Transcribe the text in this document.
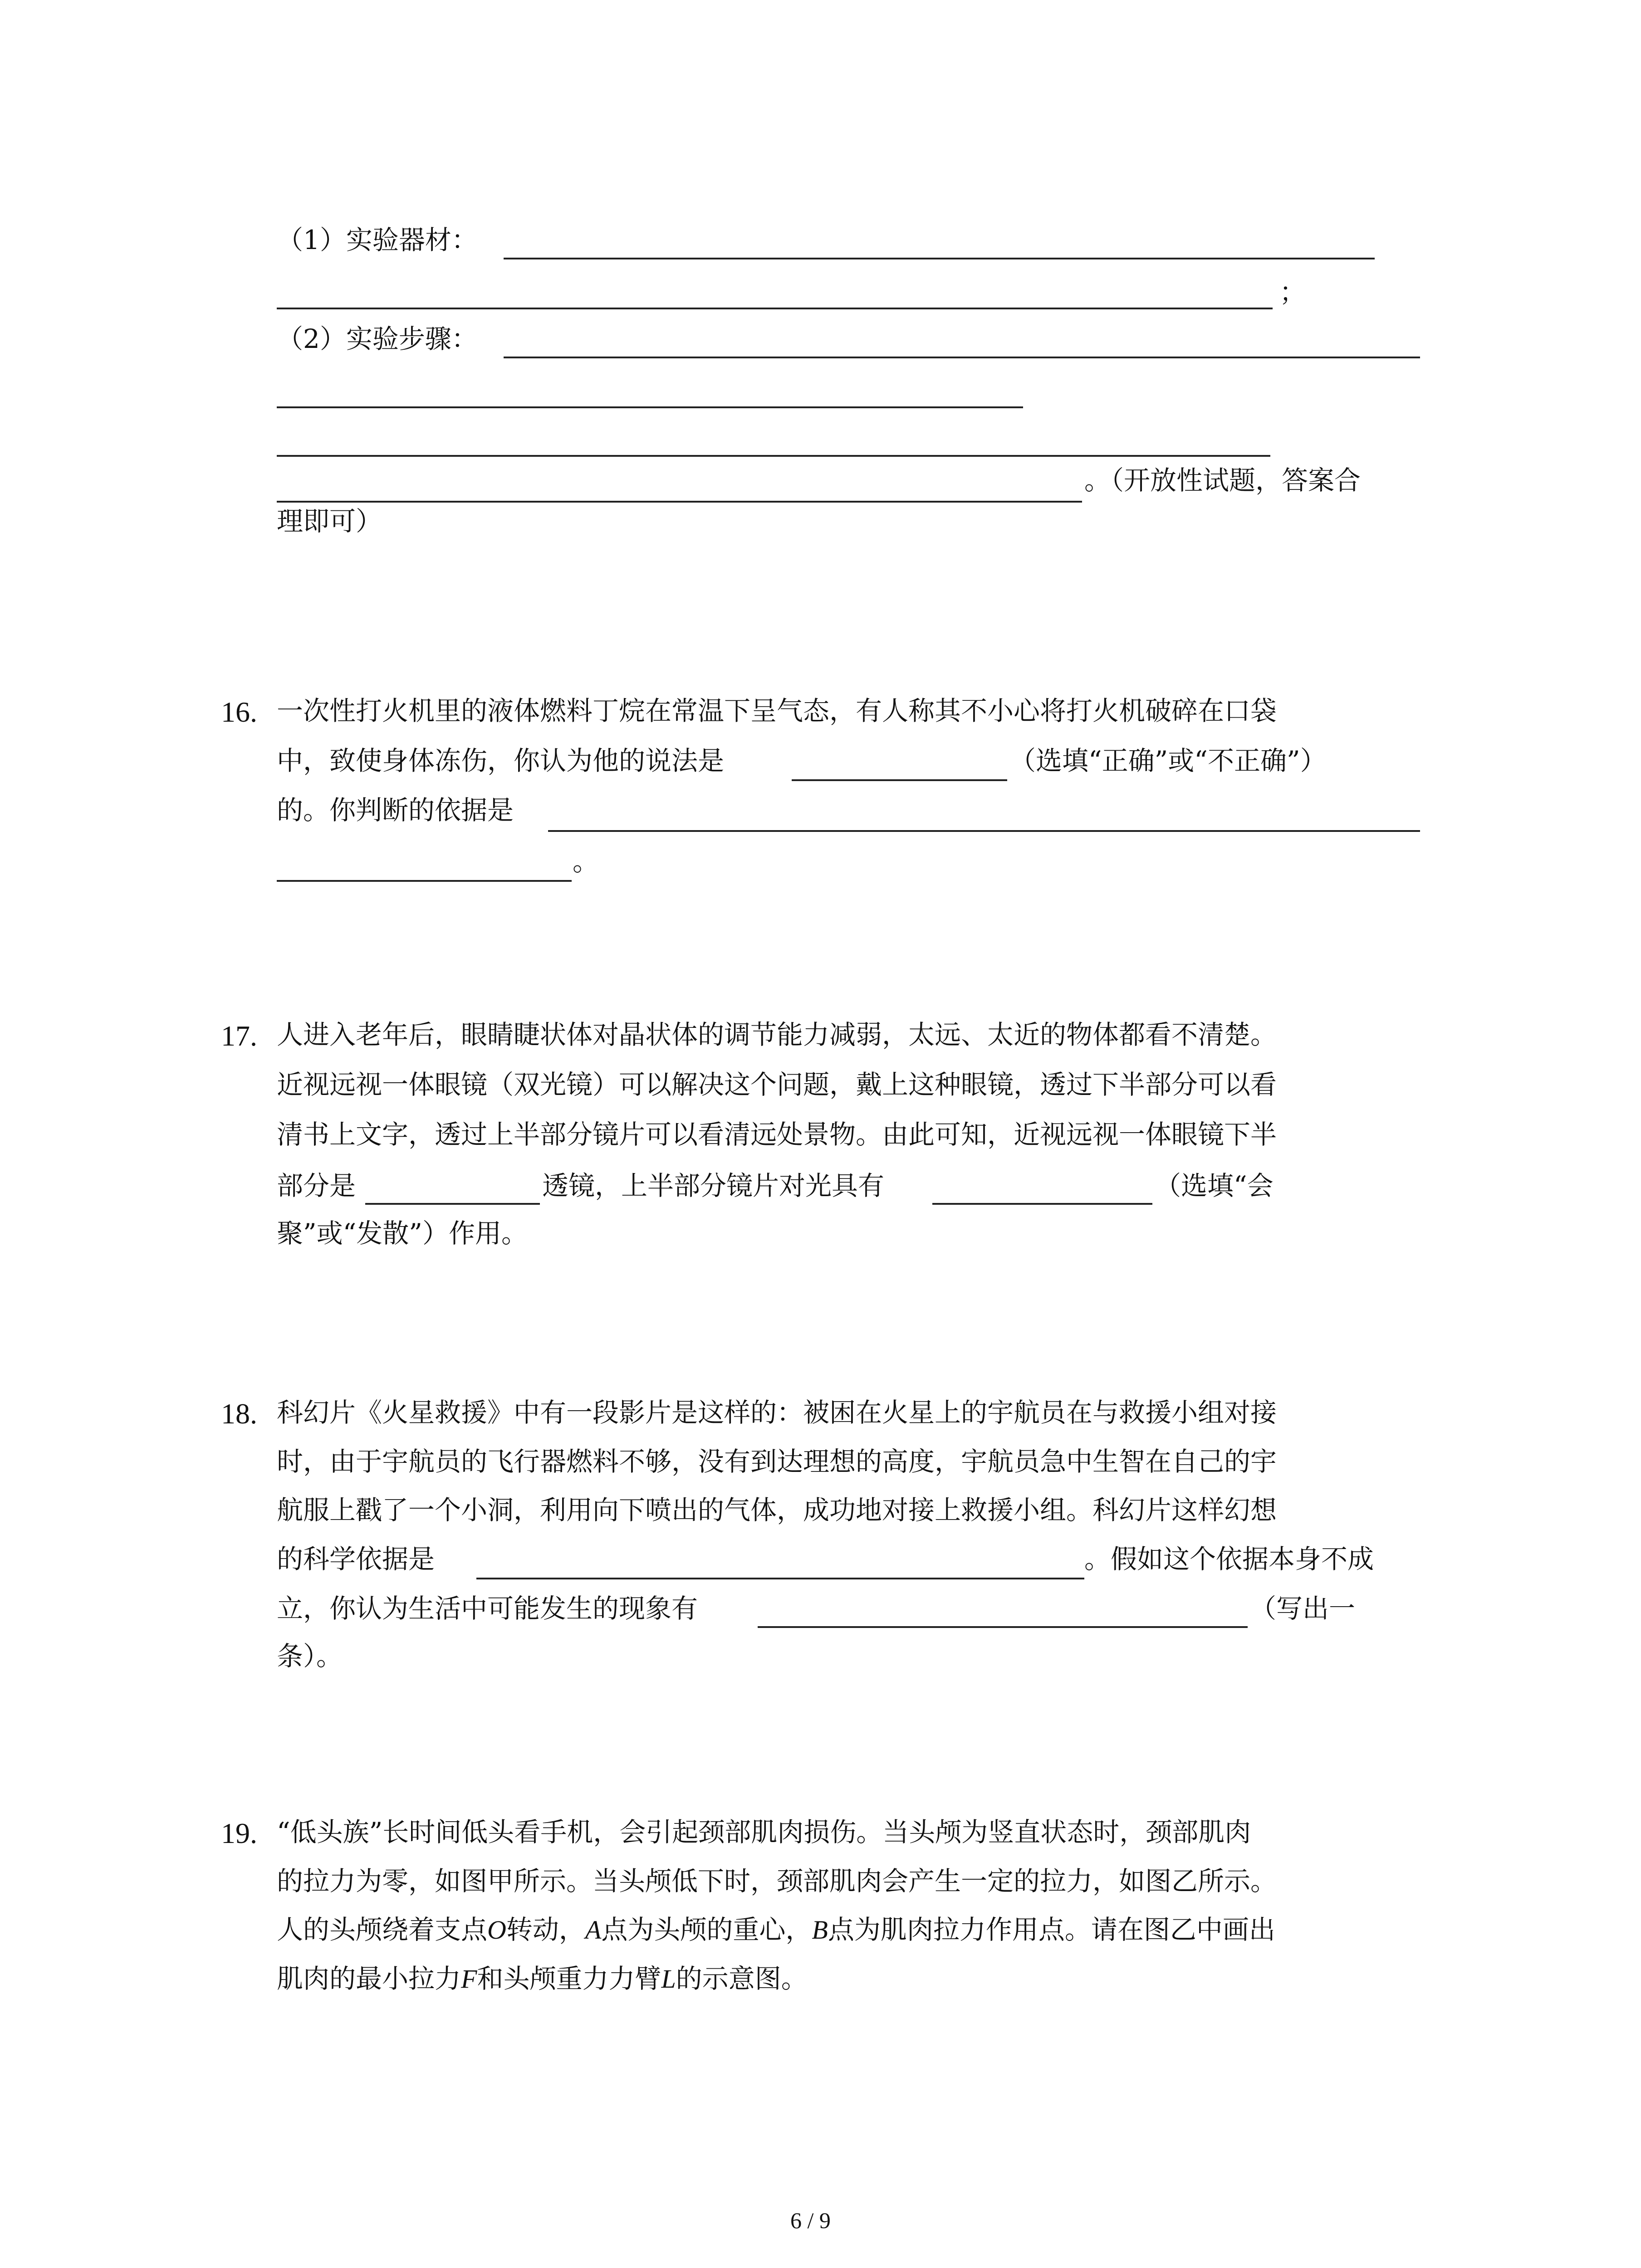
（1）实验器材：
；
（2）实验步骤：
。（开放性试题，答案合
理即可）
16. 一次性打火机里的液体燃料丁烷在常温下呈气态，有人称其不小心将打火机破碎在口袋
中，致使身体冻伤，你认为他的说法是	（选填“正确”或“不正确”）
的。你判断的依据是
。
17. 人进入老年后，眼睛睫状体对晶状体的调节能力减弱，太远、太近的物体都看不清楚。
近视远视一体眼镜（双光镜）可以解决这个问题，戴上这种眼镜，透过下半部分可以看
清书上文字，透过上半部分镜片可以看清远处景物。由此可知，近视远视一体眼镜下半
部分是	透镜，上半部分镜片对光具有	（选填“会
聚”或“发散”）作用。
18. 科幻片《火星救援》中有一段影片是这样的：被困在火星上的宇航员在与救援小组对接
时，由于宇航员的飞行器燃料不够，没有到达理想的高度，宇航员急中生智在自己的宇
航服上戳了一个小洞，利用向下喷出的气体，成功地对接上救援小组。科幻片这样幻想
的科学依据是	。假如这个依据本身不成
立，你认为生活中可能发生的现象有	（写出一
条）。
19. “低头族”长时间低头看手机，会引起颈部肌肉损伤。当头颅为竖直状态时，颈部肌肉
的拉力为零，如图甲所示。当头颅低下时，颈部肌肉会产生一定的拉力，如图乙所示。
人的头颅绕着支点O转动，A点为头颅的重心，B点为肌肉拉力作用点。请在图乙中画出
肌肉的最小拉力F和头颅重力力臂L的示意图。
6 / 9
